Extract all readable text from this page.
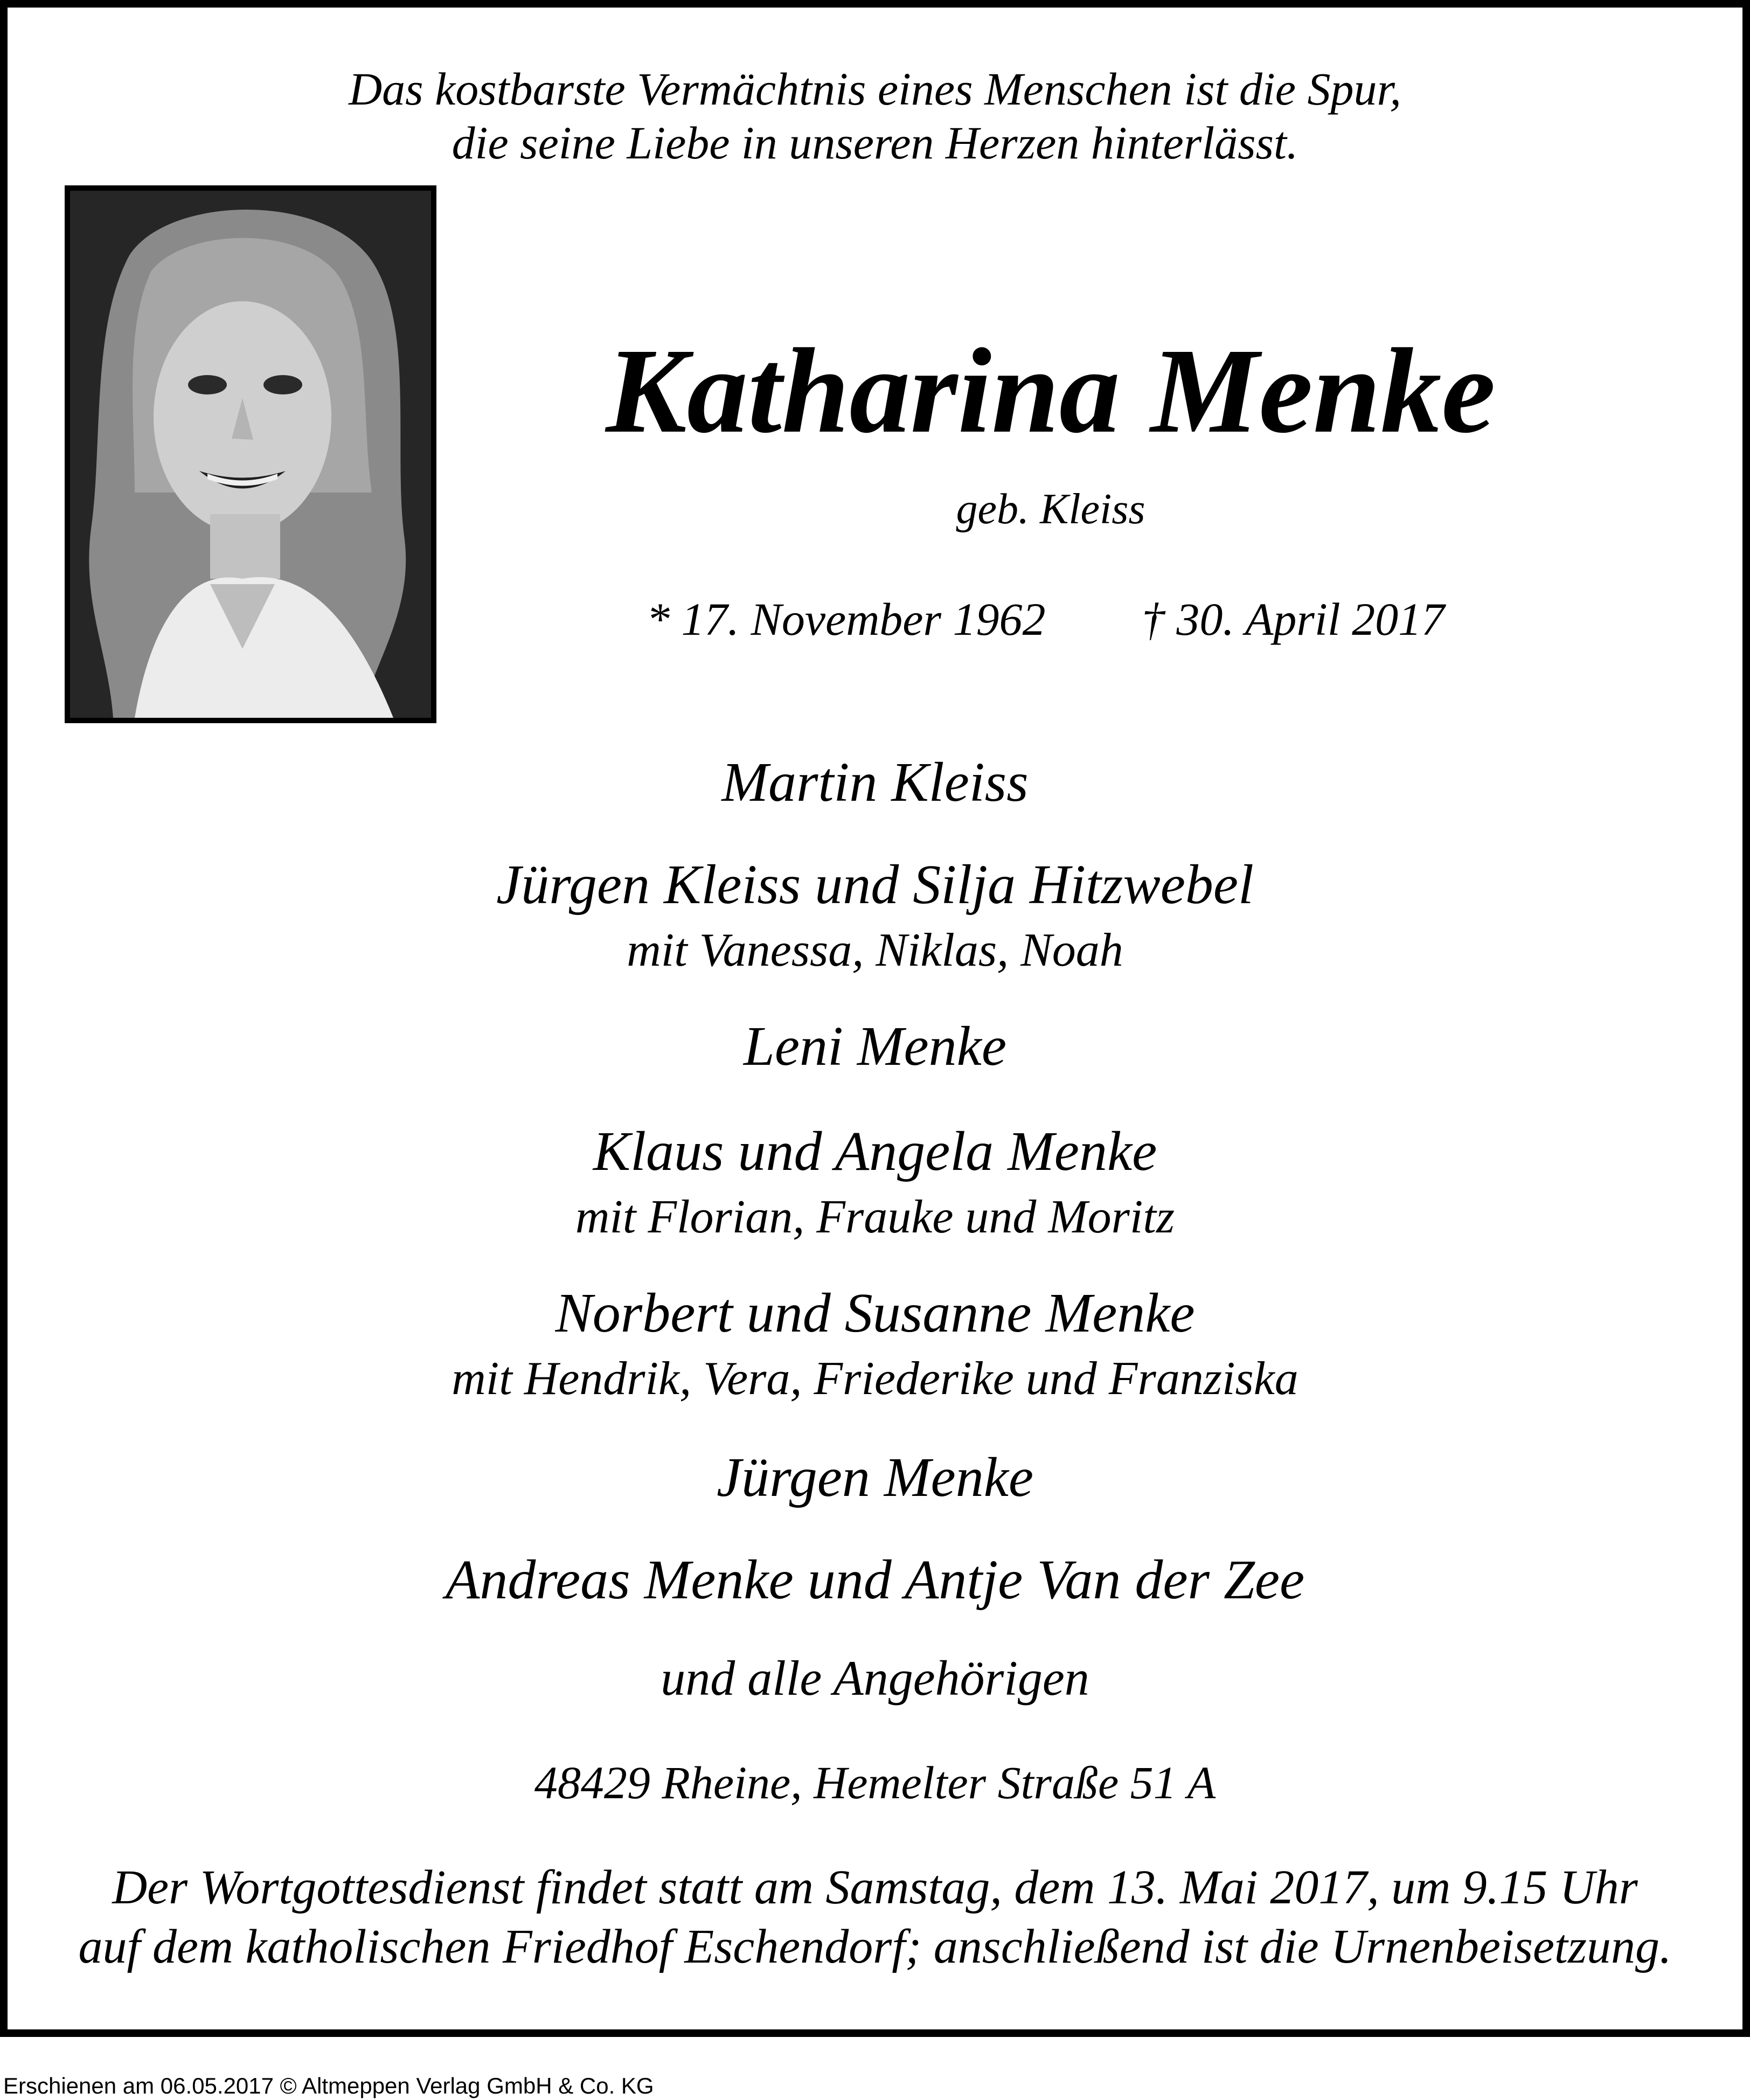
Das kostbarste Vermächtnis eines Menschen ist die Spur,
die seine Liebe in unseren Herzen hinterlässt.
Katharina Menke
geb. Kleiss
* 17. November 1962	† 30. April 2017
Martin Kleiss
Jürgen Kleiss und Silja Hitzwebel
mit Vanessa, Niklas, Noah
Leni Menke
Klaus und Angela Menke
mit Florian, Frauke und Moritz
Norbert und Susanne Menke
mit Hendrik, Vera, Friederike und Franziska
Jürgen Menke
Andreas Menke und Antje Van der Zee
und alle Angehörigen
48429 Rheine, Hemelter Straße 51 A
Der Wortgottesdienst findet statt am Samstag, dem 13. Mai 2017, um 9.15 Uhr
auf dem katholischen Friedhof Eschendorf; anschließend ist die Urnenbeisetzung.
Erschienen am 06.05.2017 © Altmeppen Verlag GmbH & Co. KG
